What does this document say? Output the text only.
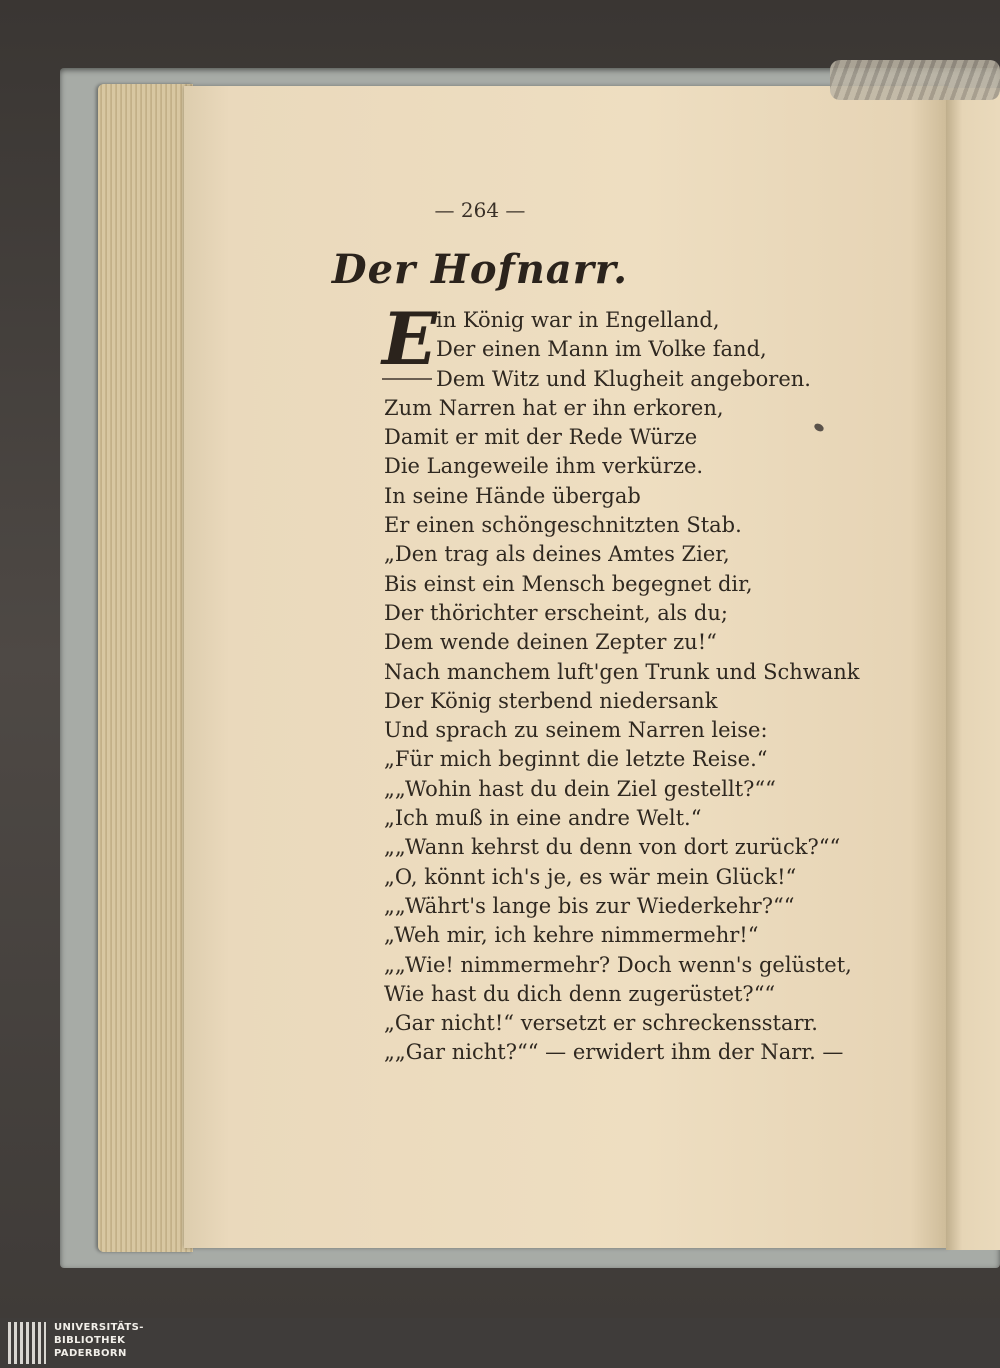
— 264 —

Der Hofnarr.
E in König war in Engelland,
Der einen Mann im Volke fand,
Dem Witz und Klugheit angeboren.
Zum Narren hat er ihn erkoren,
Damit er mit der Rede Würze
Die Langeweile ihm verkürze.
In seine Hände übergab
Er einen schöngeschnitzten Stab.
„Den trag als deines Amtes Zier,
Bis einst ein Mensch begegnet dir,
Der thörichter erscheint, als du;
Dem wende deinen Zepter zu!“
Nach manchem luft'gen Trunk und Schwank
Der König sterbend niedersank
Und sprach zu seinem Narren leise:
„Für mich beginnt die letzte Reise.“
„„Wohin hast du dein Ziel gestellt?““
„Ich muß in eine andre Welt.“
„„Wann kehrst du denn von dort zurück?““
„O, könnt ich's je, es wär mein Glück!“
„„Währt's lange bis zur Wiederkehr?““
„Weh mir, ich kehre nimmermehr!“
„„Wie! nimmermehr? Doch wenn's gelüstet,
Wie hast du dich denn zugerüstet?““
„Gar nicht!“ versetzt er schreckensstarr.
„„Gar nicht?““ — erwidert ihm der Narr. —
UNIVERSITÄTS-
BIBLIOTHEK
PADERBORN
